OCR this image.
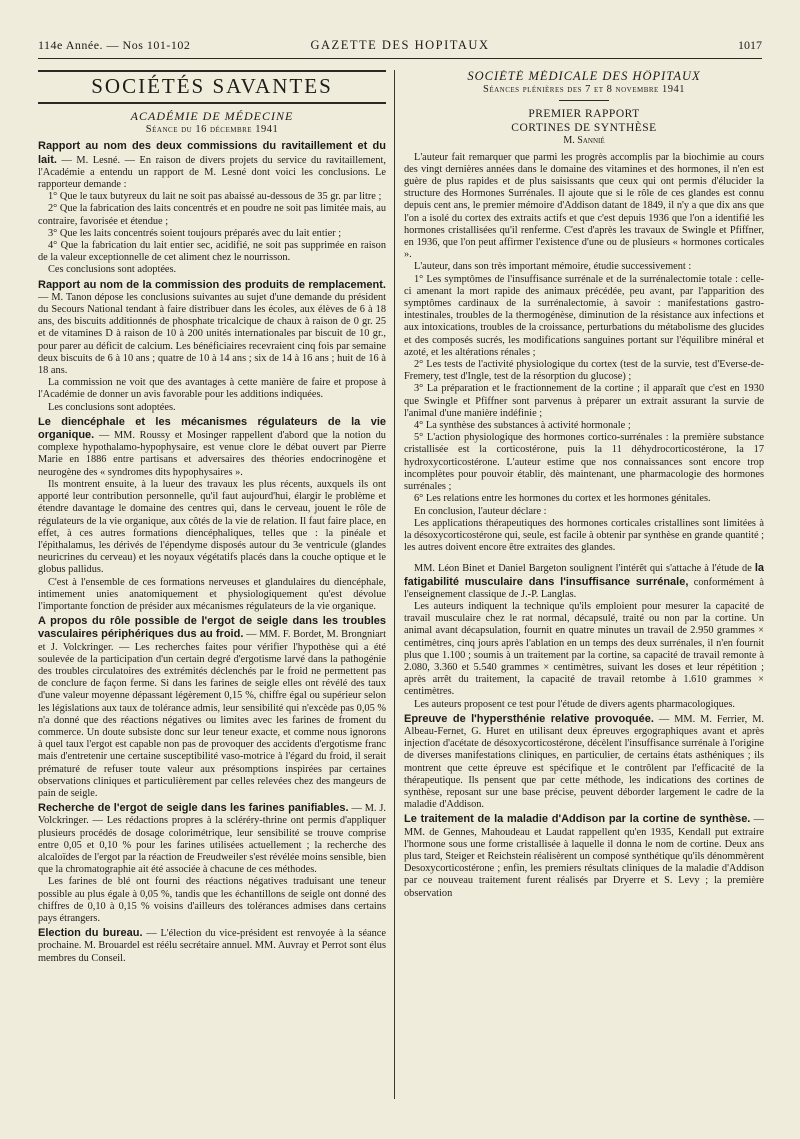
114e Année. — Nos 101-102	GAZETTE DES HOPITAUX	1017
SOCIÉTÉS SAVANTES

ACADÉMIE DE MÉDECINE

Séance du 16 décembre 1941

Rapport au nom des deux commissions du ravitaillement et du lait. — M. Lesné. — En raison de divers projets du service du ravitaillement, l'Académie a entendu un rapport de M. Lesné dont voici les conclusions. Le rapporteur demande :

1° Que le taux butyreux du lait ne soit pas abaissé au-dessous de 35 gr. par litre ;

2° Que la fabrication des laits concentrés et en poudre ne soit pas limitée mais, au contraire, favorisée et étendue ;

3° Que les laits concentrés soient toujours préparés avec du lait entier ;

4° Que la fabrication du lait entier sec, acidifié, ne soit pas supprimée en raison de la valeur exceptionnelle de cet aliment chez le nourrisson.

Ces conclusions sont adoptées.

Rapport au nom de la commission des produits de remplacement. — M. Tanon dépose les conclusions suivantes au sujet d'une demande du président du Secours National tendant à faire distribuer dans les écoles, aux élèves de 6 à 18 ans, des biscuits additionnés de phosphate tricalcique de chaux à raison de 0 gr. 25 et de vitamines D à raison de 10 à 200 unités internationales par biscuit de 10 gr., pour parer au déficit de calcium. Les bénéficiaires recevraient cinq fois par semaine deux biscuits de 6 à 10 ans ; quatre de 10 à 14 ans ; six de 14 à 16 ans ; huit de 16 à 18 ans.

La commission ne voit que des avantages à cette manière de faire et propose à l'Académie de donner un avis favorable pour les additions indiquées.

Les conclusions sont adoptées.

Le diencéphale et les mécanismes régulateurs de la vie organique. — MM. Roussy et Mosinger rappellent d'abord que la notion du complexe hypothalamo-hypophysaire, est venue clore le débat ouvert par Pierre Marie en 1886 entre partisans et adversaires des théories endocrinogène et neurogène des « syndromes dits hypophysaires ».

Ils montrent ensuite, à la lueur des travaux les plus récents, auxquels ils ont apporté leur contribution personnelle, qu'il faut aujourd'hui, élargir le problème et étendre davantage le domaine des centres qui, dans le cerveau, jouent le rôle de régulateurs de la vie organique, aux côtés de la vie de relation. Il faut faire place, en effet, à ces autres formations diencéphaliques, telles que : la pinéale et l'épithalamus, les dérivés de l'épendyme disposés autour du 3e ventricule (glandes neuricrines du cerveau) et les noyaux végétatifs placés dans la couche optique et le globus pallidus.

C'est à l'ensemble de ces formations nerveuses et glandulaires du diencéphale, intimement unies anatomiquement et physiologiquement qu'est dévolue l'importante fonction de présider aux mécanismes régulateurs de la vie organique.

A propos du rôle possible de l'ergot de seigle dans les troubles vasculaires périphériques dus au froid. — MM. F. Bordet, M. Brongniart et J. Volckringer. — Les recherches faites pour vérifier l'hypothèse qui a été soulevée de la participation d'un certain degré d'ergotisme larvé dans la pathogénie des troubles circulatoires des extrémités déclenchés par le froid ne permettent pas de conclure de façon ferme. Si dans les farines de seigle elles ont révélé des taux d'une valeur moyenne dépassant légèrement 0,15 %, chiffre égal ou supérieur selon les législations aux taux de tolérance admis, leur sensibilité qui n'excède pas 0,05 % n'a donné que des réactions négatives ou limites avec les farines de froment du commerce. Un doute subsiste donc sur leur teneur exacte, et comme nous ignorons à quel taux l'ergot est capable non pas de provoquer des accidents d'ergotisme franc mais d'entretenir une certaine susceptibilité vaso-motrice à l'égard du froid, il serait prématuré de refuser toute valeur aux présomptions inspirées par certaines observations cliniques et particulièrement par celles relevées chez des mangeurs de pain de seigle.

Recherche de l'ergot de seigle dans les farines panifiables. — M. J. Volckringer. — Les rédactions propres à la scléréry-thrine ont permis d'appliquer plusieurs procédés de dosage colorimétrique, leur sensibilité se trouve comprise entre 0,05 et 0,10 % pour les farines utilisées actuellement ; la recherche des alcaloïdes de l'ergot par la réaction de Freudweiler s'est révélée moins sensible, bien que la chromatographie ait été associée à chacune de ces méthodes.

Les farines de blé ont fourni des réactions négatives traduisant une teneur possible au plus égale à 0,05 %, tandis que les échantillons de seigle ont donné des chiffres de 0,10 à 0,15 % voisins d'ailleurs des tolérances admises dans certains pays étrangers.

Election du bureau. — L'élection du vice-président est renvoyée à la séance prochaine. M. Brouardel est réélu secrétaire annuel. MM. Auvray et Perrot sont élus membres du Conseil.

SOCIÉTÉ MÉDICALE DES HÔPITAUX

Séances plénières des 7 et 8 novembre 1941

PREMIER RAPPORT

CORTINES DE SYNTHÈSE

M. Sannié

L'auteur fait remarquer que parmi les progrès accomplis par la biochimie au cours des vingt dernières années dans le domaine des vitamines et des hormones, il n'en est guère de plus rapides et de plus saisissants que ceux qui ont permis d'élucider la structure des Hormones Surrénales. Il ajoute que si le rôle de ces glandes est connu depuis cent ans, le premier mémoire d'Addison datant de 1849, il n'y a que dix ans que l'on a isolé du cortex des extraits actifs et que c'est depuis 1936 que l'on a identifié les hormones cristallisées qu'il renferme. C'est d'après les travaux de Swingle et Pfiffner, en 1936, que l'on peut affirmer l'existence d'une ou de plusieurs « hormones corticales ».

L'auteur, dans son très important mémoire, étudie successivement :

1° Les symptômes de l'insuffisance surrénale et de la surrénalectomie totale : celle-ci amenant la mort rapide des animaux précédée, peu avant, par l'apparition des symptômes cardinaux de la surrénalectomie, à savoir : manifestations gastro-intestinales, troubles de la thermogénèse, diminution de la résistance aux infections et aux intoxications, troubles de la croissance, perturbations du métabolisme des glucides et des composés sucrés, les modifications sanguines portant sur l'équilibre minéral et azoté, et les altérations rénales ;

2° Les tests de l'activité physiologique du cortex (test de la survie, test d'Everse-de-Fremery, test d'Ingle, test de la résorption du glucose) ;

3° La préparation et le fractionnement de la cortine ; il apparaît que c'est en 1930 que Swingle et Pfiffner sont parvenus à préparer un extrait assurant la survie de l'animal d'une manière indéfinie ;

4° La synthèse des substances à activité hormonale ;

5° L'action physiologique des hormones cortico-surrénales : la première substance cristallisée est la corticostérone, puis la 11 déhydrocorticostérone, la 17 hydroxycorticostérone. L'auteur estime que nos connaissances sont encore trop incomplètes pour pouvoir établir, dès maintenant, une pharmacologie des hormones surrénales ;

6° Les relations entre les hormones du cortex et les hormones génitales.

En conclusion, l'auteur déclare :

Les applications thérapeutiques des hormones corticales cristallines sont limitées à la désoxycorticostérone qui, seule, est facile à obtenir par synthèse en grande quantité ; les autres doivent encore être extraites des glandes.

MM. Léon Binet et Daniel Bargeton soulignent l'intérêt qui s'attache à l'étude de la fatigabilité musculaire dans l'insuffisance surrénale, conformément à l'enseignement classique de J.-P. Langlas.

Les auteurs indiquent la technique qu'ils emploient pour mesurer la capacité de travail musculaire chez le rat normal, décapsulé, traité ou non par la cortine. Un animal avant décapsulation, fournit en quatre minutes un travail de 2.950 grammes × centimètres, cinq jours après l'ablation en un temps des deux surrénales, il n'en fournit plus que 1.100 ; soumis à un traitement par la cortine, sa capacité de travail remonte à 2.080, 3.360 et 5.540 grammes × centimètres, suivant les doses et leur répétition ; après arrêt du traitement, la capacité de travail retombe à 1.610 grammes × centimètres.

Les auteurs proposent ce test pour l'étude de divers agents pharmacologiques.

Epreuve de l'hypersthénie relative provoquée. — MM. M. Ferrier, M. Albeau-Fernet, G. Huret en utilisant deux épreuves ergographiques avant et après injection d'acétate de désoxycorticostérone, décèlent l'insuffisance surrénale à l'origine de diverses manifestations cliniques, en particulier, de certains états asthéniques ; ils montrent que cette épreuve est spécifique et le contrôlent par l'efficacité de la thérapeutique. Ils pensent que par cette méthode, les indications des cortines de synthèse, reposant sur une base précise, peuvent déborder largement le cadre de la maladie d'Addison.

Le traitement de la maladie d'Addison par la cortine de synthèse. — MM. de Gennes, Mahoudeau et Laudat rappellent qu'en 1935, Kendall put extraire l'hormone sous une forme cristallisée à laquelle il donna le nom de cortine. Deux ans plus tard, Steiger et Reichstein réalisèrent un composé synthétique qu'ils dénommèrent Desoxycorticostérone ; enfin, les premiers résultats cliniques de la maladie d'Addison par ce nouveau traitement furent réalisés par Dryerre et S. Levy ; la première observation
